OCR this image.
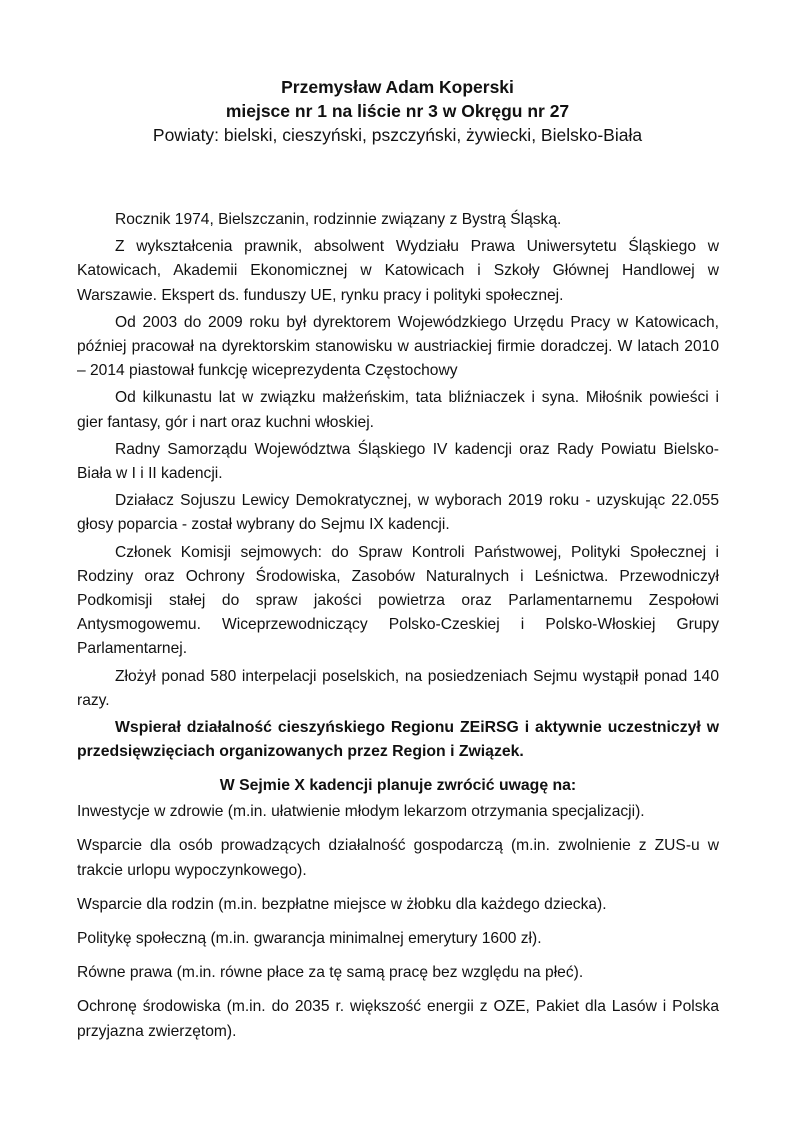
Przemysław Adam Koperski
miejsce nr 1 na liście nr 3 w Okręgu nr 27
Powiaty: bielski, cieszyński, pszczyński, żywiecki, Bielsko-Biała

Rocznik 1974, Bielszczanin, rodzinnie związany z Bystrą Śląską.

Z wykształcenia prawnik, absolwent Wydziału Prawa Uniwersytetu Śląskiego w Katowicach, Akademii Ekonomicznej w Katowicach i Szkoły Głównej Handlowej w Warszawie. Ekspert ds. funduszy UE, rynku pracy i polityki społecznej.

Od 2003 do 2009 roku był dyrektorem Wojewódzkiego Urzędu Pracy w Katowicach, później pracował na dyrektorskim stanowisku w austriackiej firmie doradczej. W latach 2010 – 2014 piastował funkcję wiceprezydenta Częstochowy

Od kilkunastu lat w związku małżeńskim, tata bliźniaczek i syna. Miłośnik powieści i gier fantasy, gór i nart oraz kuchni włoskiej.

Radny Samorządu Województwa Śląskiego IV kadencji oraz Rady Powiatu Bielsko-Biała w I i II kadencji.

Działacz Sojuszu Lewicy Demokratycznej, w wyborach 2019 roku - uzyskując 22.055 głosy poparcia - został wybrany do Sejmu IX kadencji.

Członek Komisji sejmowych: do Spraw Kontroli Państwowej, Polityki Społecznej i Rodziny oraz Ochrony Środowiska, Zasobów Naturalnych i Leśnictwa. Przewodniczył Podkomisji stałej do spraw jakości powietrza oraz Parlamentarnemu Zespołowi Antysmogowemu. Wiceprzewodniczący Polsko-Czeskiej i Polsko-Włoskiej Grupy Parlamentarnej.

Złożył ponad 580 interpelacji poselskich, na posiedzeniach Sejmu wystąpił ponad 140 razy.

Wspierał działalność cieszyńskiego Regionu ZEiRSG i aktywnie uczestniczył w przedsięwzięciach organizowanych przez Region i Związek.

W Sejmie X kadencji planuje zwrócić uwagę na:
Inwestycje w zdrowie (m.in. ułatwienie młodym lekarzom otrzymania specjalizacji).
Wsparcie dla osób prowadzących działalność gospodarczą (m.in. zwolnienie z ZUS-u w trakcie urlopu wypoczynkowego).
Wsparcie dla rodzin (m.in. bezpłatne miejsce w żłobku dla każdego dziecka).
Politykę społeczną (m.in. gwarancja minimalnej emerytury 1600 zł).
Równe prawa (m.in. równe płace za tę samą pracę bez względu na płeć).
Ochronę środowiska (m.in. do 2035 r. większość energii z OZE, Pakiet dla Lasów i Polska przyjazna zwierzętom).
